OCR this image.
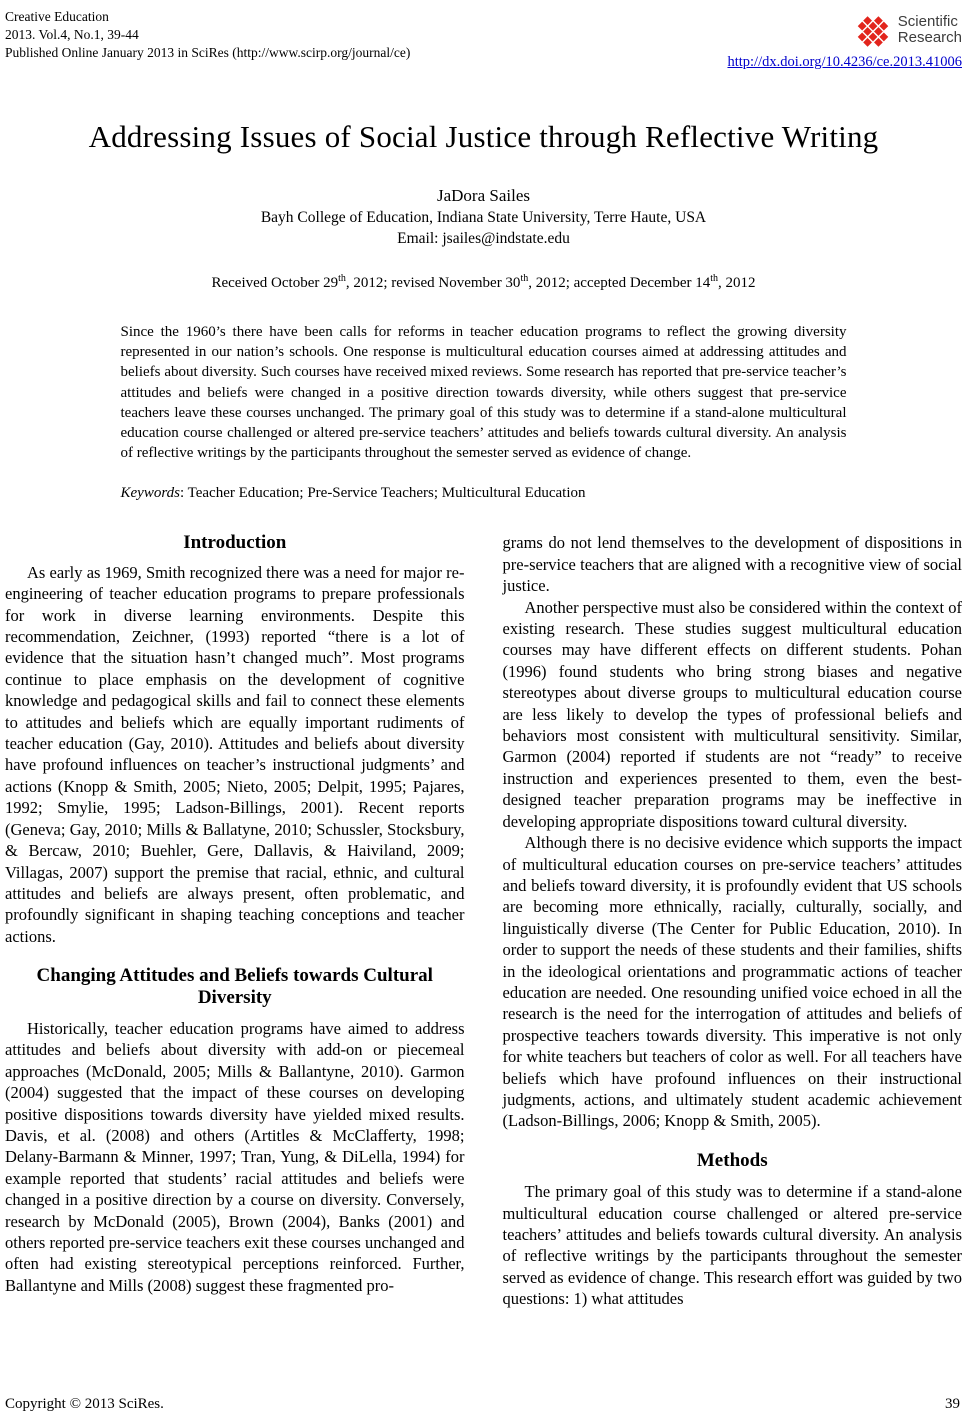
Creative Education
2013. Vol.4, No.1, 39-44
Published Online January 2013 in SciRes (http://www.scirp.org/journal/ce)
Scientific
Research
http://dx.doi.org/10.4236/ce.2013.41006
Addressing Issues of Social Justice through Reflective Writing
JaDora Sailes
Bayh College of Education, Indiana State University, Terre Haute, USA
Email: jsailes@indstate.edu
Received October 29th, 2012; revised November 30th, 2012; accepted December 14th, 2012
Since the 1960’s there have been calls for reforms in teacher education programs to reflect the growing diversity represented in our nation’s schools. One response is multicultural education courses aimed at addressing attitudes and beliefs about diversity. Such courses have received mixed reviews. Some research has reported that pre-service teacher’s attitudes and beliefs were changed in a positive direction towards diversity, while others suggest that pre-service teachers leave these courses unchanged. The primary goal of this study was to determine if a stand-alone multicultural education course challenged or altered pre-service teachers’ attitudes and beliefs towards cultural diversity. An analysis of reflective writings by the participants throughout the semester served as evidence of change.
Keywords: Teacher Education; Pre-Service Teachers; Multicultural Education
Introduction

As early as 1969, Smith recognized there was a need for major re-engineering of teacher education programs to prepare professionals for work in diverse learning environments. Despite this recommendation, Zeichner, (1993) reported “there is a lot of evidence that the situation hasn’t changed much”. Most programs continue to place emphasis on the development of cognitive knowledge and pedagogical skills and fail to connect these elements to attitudes and beliefs which are equally important rudiments of teacher education (Gay, 2010). Attitudes and beliefs about diversity have profound influences on teacher’s instructional judgments’ and actions (Knopp & Smith, 2005; Nieto, 2005; Delpit, 1995; Pajares, 1992; Smylie, 1995; Ladson-Billings, 2001). Recent reports (Geneva; Gay, 2010; Mills & Ballatyne, 2010; Schussler, Stocksbury, & Bercaw, 2010; Buehler, Gere, Dallavis, & Haiviland, 2009; Villagas, 2007) support the premise that racial, ethnic, and cultural attitudes and beliefs are always present, often problematic, and profoundly significant in shaping teaching conceptions and teacher actions.

Changing Attitudes and Beliefs towards Cultural Diversity

Historically, teacher education programs have aimed to address attitudes and beliefs about diversity with add-on or piecemeal approaches (McDonald, 2005; Mills & Ballantyne, 2010). Garmon (2004) suggested that the impact of these courses on developing positive dispositions towards diversity have yielded mixed results. Davis, et al. (2008) and others (Artitles & McClafferty, 1998; Delany-Barmann & Minner, 1997; Tran, Yung, & DiLella, 1994) for example reported that students’ racial attitudes and beliefs were changed in a positive direction by a course on diversity. Conversely, research by McDonald (2005), Brown (2004), Banks (2001) and others reported pre-service teachers exit these courses unchanged and often had existing stereotypical perceptions reinforced. Further, Ballantyne and Mills (2008) suggest these fragmented pro-

grams do not lend themselves to the development of dispositions in pre-service teachers that are aligned with a recognitive view of social justice.

Another perspective must also be considered within the context of existing research. These studies suggest multicultural education courses may have different effects on different students. Pohan (1996) found students who bring strong biases and negative stereotypes about diverse groups to multicultural education course are less likely to develop the types of professional beliefs and behaviors most consistent with multicultural sensitivity. Similar, Garmon (2004) reported if students are not “ready” to receive instruction and experiences presented to them, even the best-designed teacher preparation programs may be ineffective in developing appropriate dispositions toward cultural diversity.

Although there is no decisive evidence which supports the impact of multicultural education courses on pre-service teachers’ attitudes and beliefs toward diversity, it is profoundly evident that US schools are becoming more ethnically, racially, culturally, socially, and linguistically diverse (The Center for Public Education, 2010). In order to support the needs of these students and their families, shifts in the ideological orientations and programmatic actions of teacher education are needed. One resounding unified voice echoed in all the research is the need for the interrogation of attitudes and beliefs of prospective teachers towards diversity. This imperative is not only for white teachers but teachers of color as well. For all teachers have beliefs which have profound influences on their instructional judgments, actions, and ultimately student academic achievement (Ladson-Billings, 2006; Knopp & Smith, 2005).

Methods

The primary goal of this study was to determine if a stand-alone multicultural education course challenged or altered pre-service teachers’ attitudes and beliefs towards cultural diversity. An analysis of reflective writings by the participants throughout the semester served as evidence of change. This research effort was guided by two questions: 1) what attitudes

Copyright © 2013 SciRes.	39
